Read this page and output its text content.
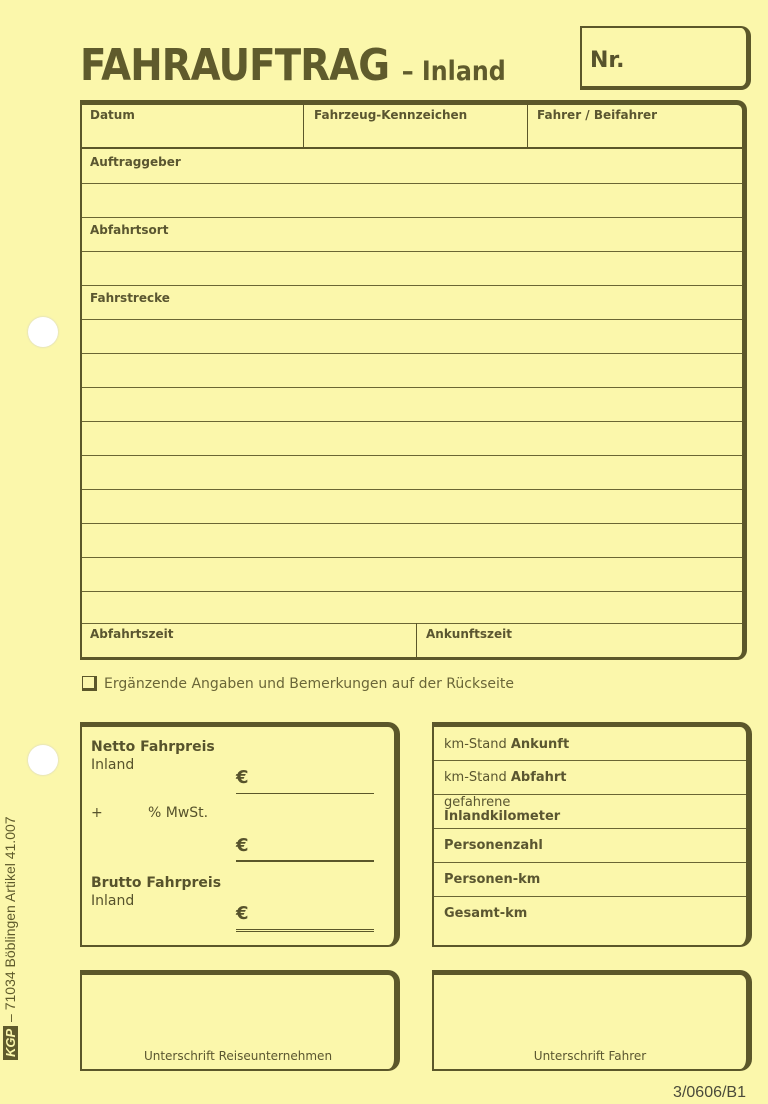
FAHRAUFTRAG – Inland	Nr.
Datum	Fahrzeug-Kennzeichen	Fahrer / Beifahrer
Auftraggeber
Abfahrtsort
Fahrstrecke
Abfahrtszeit	Ankunftszeit
Ergänzende Angaben und Bemerkungen auf der Rückseite
Netto Fahrpreis
Inland
€
+	% MwSt.
€
Brutto Fahrpreis
Inland
€
km-Stand Ankunft
km-Stand Abfahrt
gefahrene
Inlandkilometer
Personenzahl
Personen-km
Gesamt-km
Unterschrift Reiseunternehmen	Unterschrift Fahrer
KGP – 71034 Böblingen Artikel 41.007
3/0606/B1
